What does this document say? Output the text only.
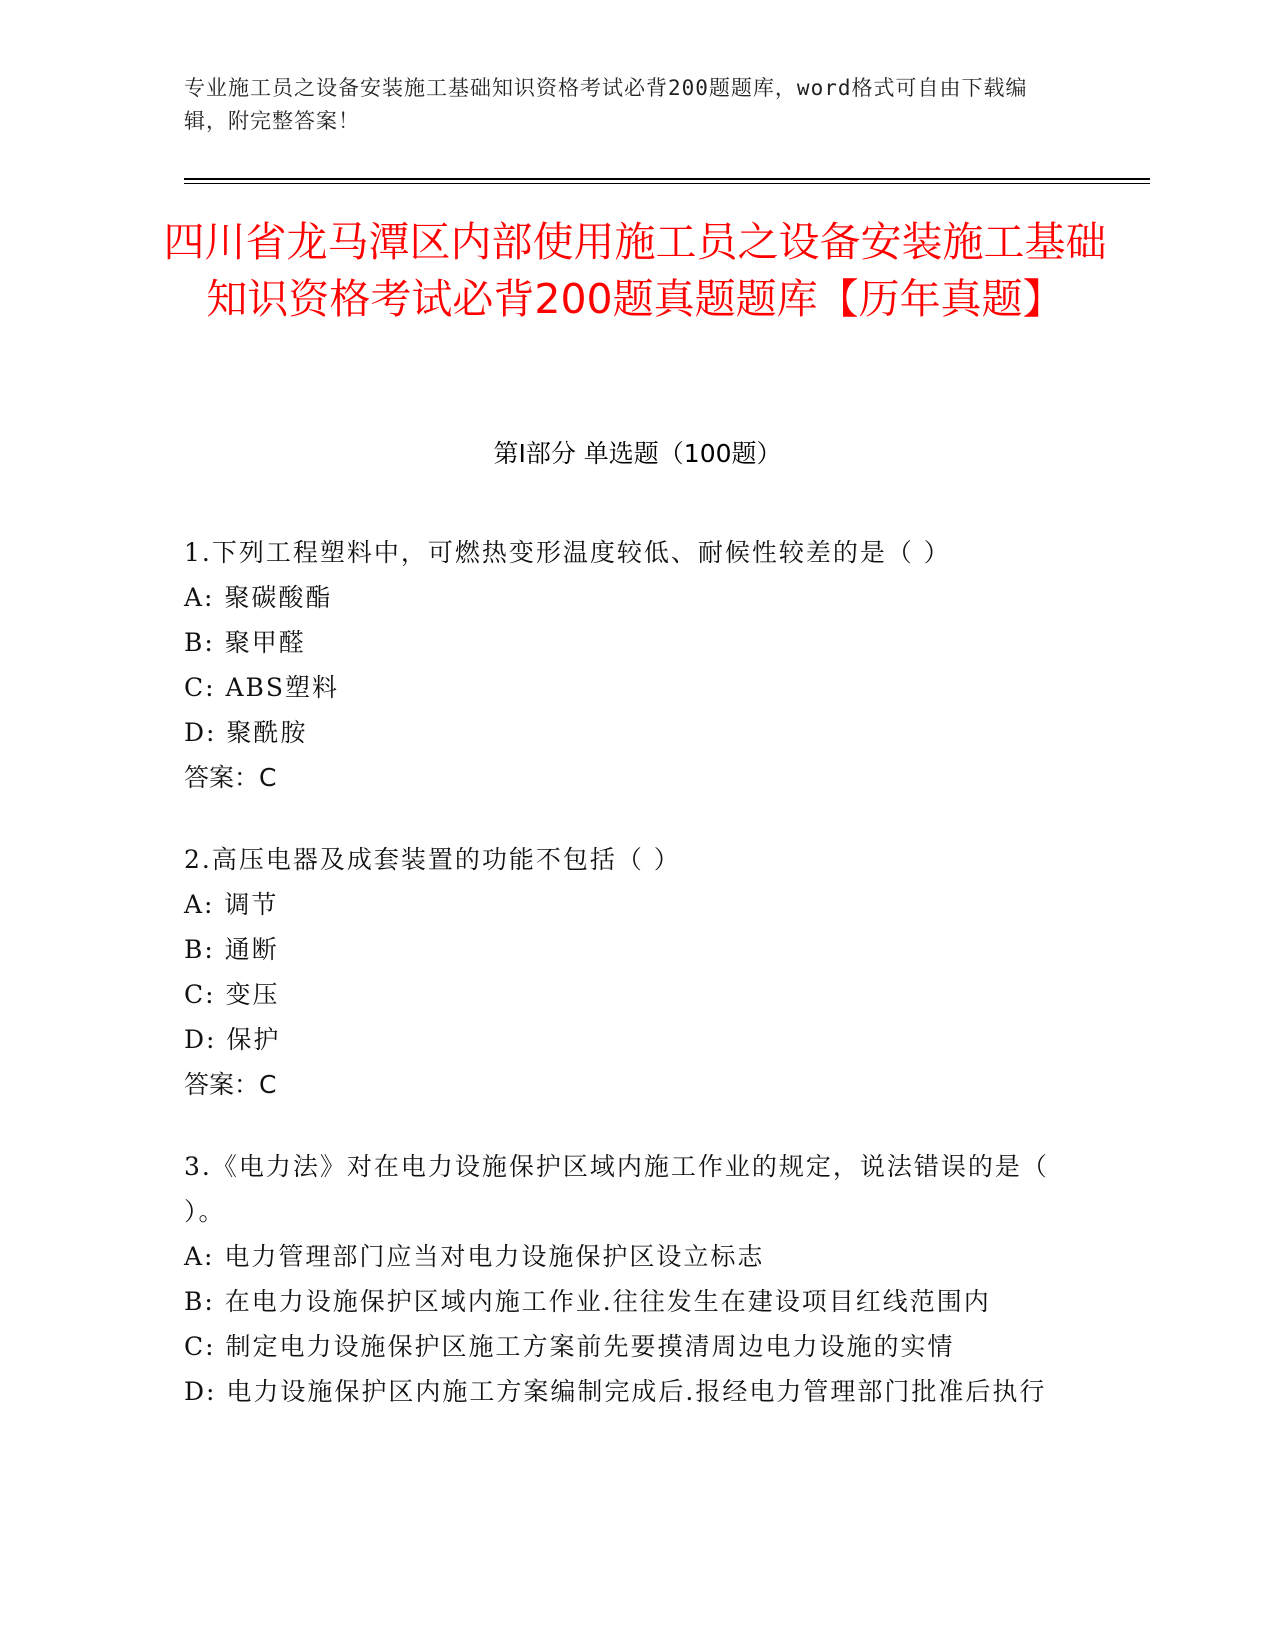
专业施工员之设备安装施工基础知识资格考试必背200题题库，word格式可自由下载编辑，附完整答案！
四川省龙马潭区内部使用施工员之设备安装施工基础知识资格考试必背200题真题题库【历年真题】
第Ⅰ部分 单选题（100题）

1.下列工程塑料中，可燃热变形温度较低、耐候性较差的是（ ）

A: 聚碳酸酯

B: 聚甲醛

C: ABS塑料

D: 聚酰胺

答案：C

2.高压电器及成套装置的功能不包括（ ）

A: 调节

B: 通断

C: 变压

D: 保护

答案：C

3.《电力法》对在电力设施保护区域内施工作业的规定，说法错误的是（ ）。

A: 电力管理部门应当对电力设施保护区设立标志

B: 在电力设施保护区域内施工作业.往往发生在建设项目红线范围内

C: 制定电力设施保护区施工方案前先要摸清周边电力设施的实情

D: 电力设施保护区内施工方案编制完成后.报经电力管理部门批准后执行
